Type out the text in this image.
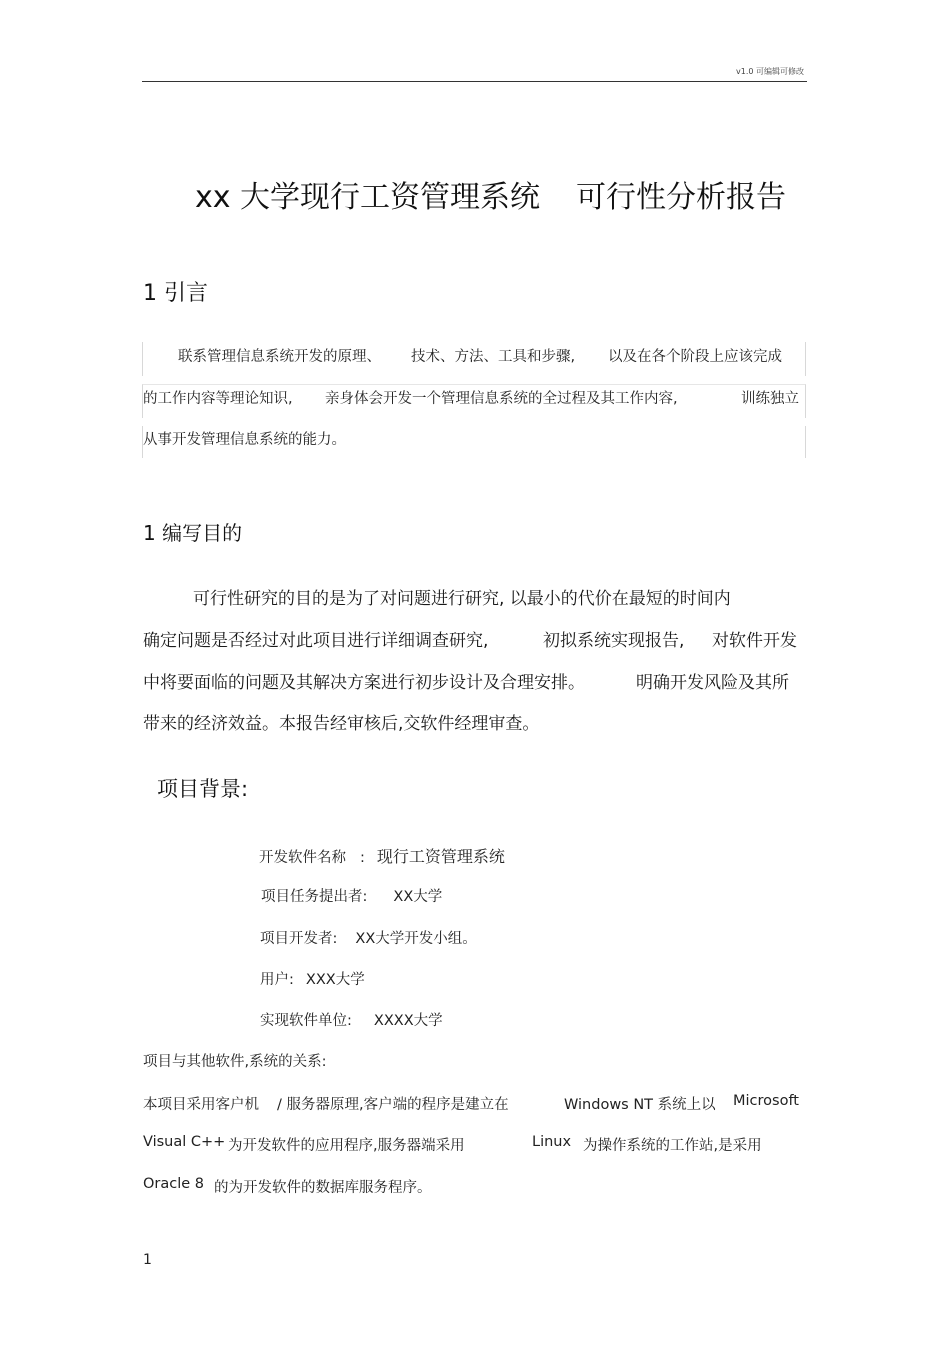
v1.0 可编辑可修改
xx 大学现行工资管理系统 可行性分析报告
1 引言
联系管理信息系统开发的原理、 技术、方法、工具和步骤, 以及在各个阶段上应该完成
的工作内容等理论知识, 亲身体会开发一个管理信息系统的全过程及其工作内容,	训练独立
从事开发管理信息系统的能力。
1 编写目的
可行性研究的目的是为了对问题进行研究, 以最小的代价在最短的时间内
确定问题是否经过对此项目进行详细调查研究,	初拟系统实现报告, 对软件开发
中将要面临的问题及其解决方案进行初步设计及合理安排。	明确开发风险及其所
带来的经济效益。本报告经审核后,交软件经理审查。
项目背景:
开发软件名称 : 现行工资管理系统
项目任务提出者: XX大学
项目开发者: XX大学开发小组。
用户: XXX大学
实现软件单位: XXXX大学
项目与其他软件,系统的关系:
本项目采用客户机 / 服务器原理,客户端的程序是建立在	Windows NT 系统上以 Microsoft
Visual C++ 为开发软件的应用程序,服务器端采用	Linux 为操作系统的工作站,是采用
Oracle 8 的为开发软件的数据库服务程序。
1
